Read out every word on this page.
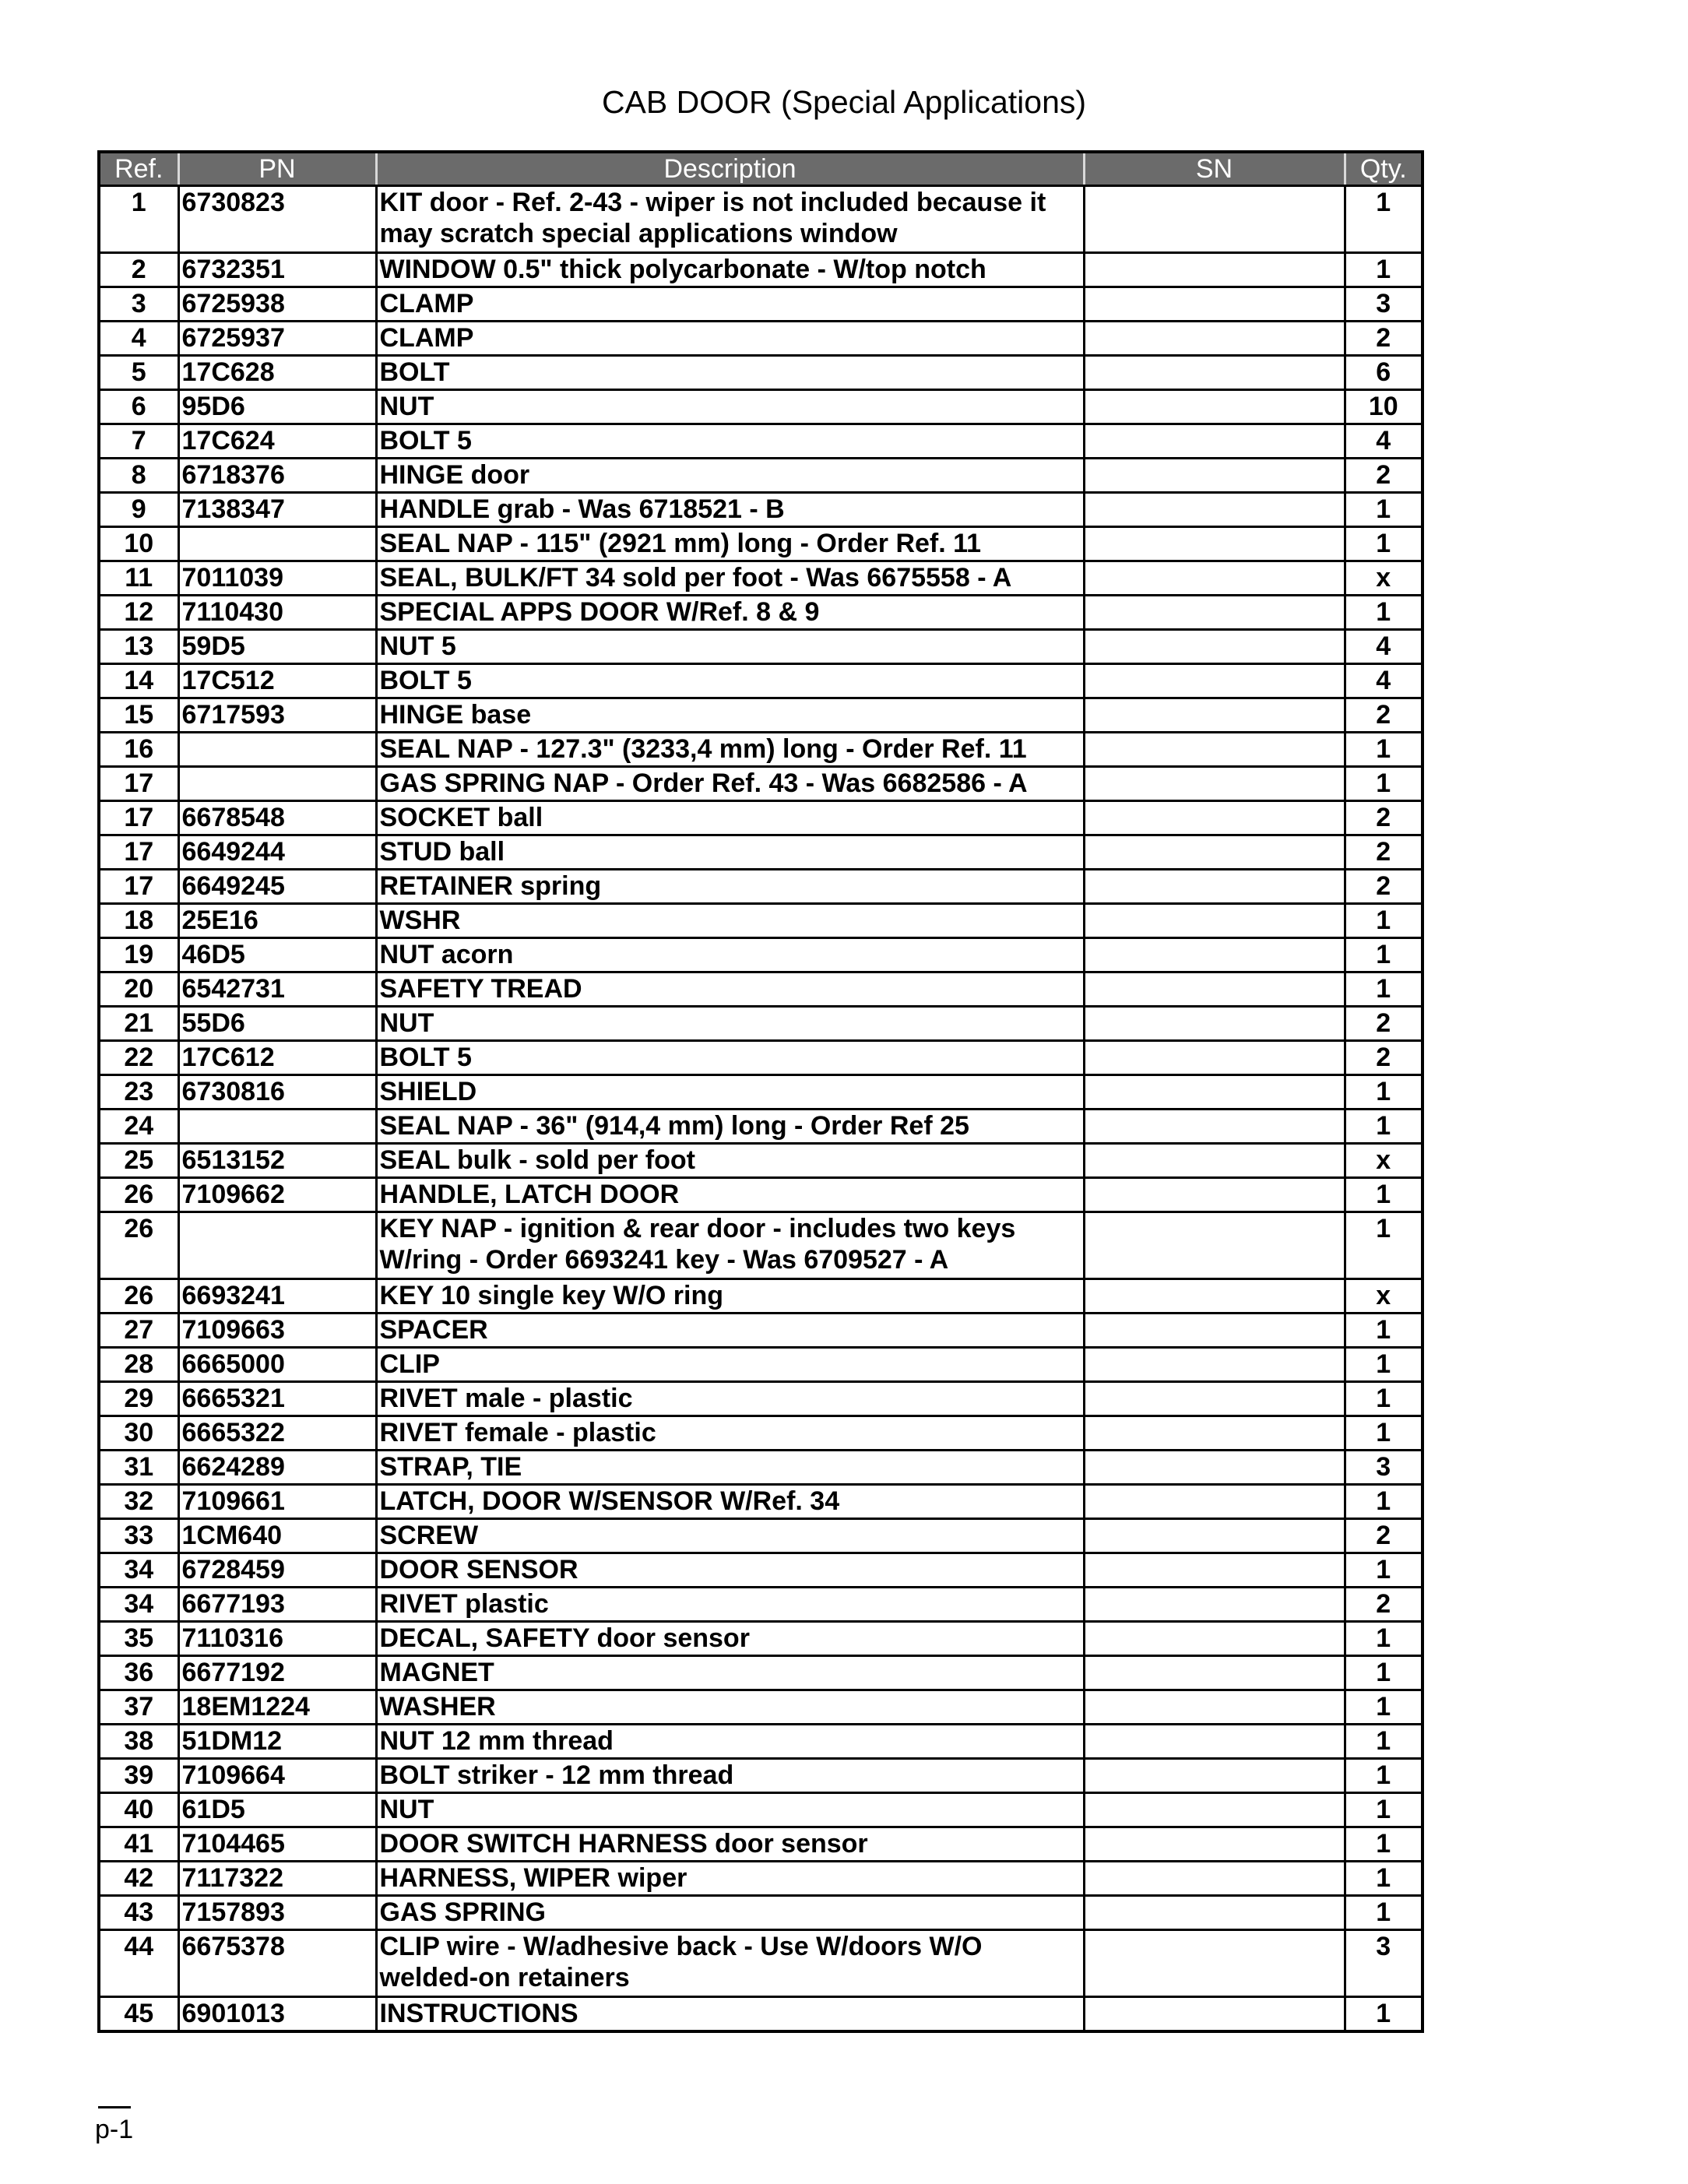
CAB DOOR (Special Applications)
Ref.	PN	Description	SN	Qty.
1	6730823	KIT door - Ref. 2-43 - wiper is not included because it may scratch special applications window		1
2	6732351	WINDOW 0.5" thick polycarbonate - W/top notch		1
3	6725938	CLAMP		3
4	6725937	CLAMP		2
5	17C628	BOLT		6
6	95D6	NUT		10
7	17C624	BOLT 5		4
8	6718376	HINGE door		2
9	7138347	HANDLE grab - Was 6718521 - B		1
10		SEAL NAP - 115" (2921 mm) long - Order Ref. 11		1
11	7011039	SEAL, BULK/FT 34 sold per foot - Was 6675558 - A		x
12	7110430	SPECIAL APPS DOOR W/Ref. 8 & 9		1
13	59D5	NUT 5		4
14	17C512	BOLT 5		4
15	6717593	HINGE base		2
16		SEAL NAP - 127.3" (3233,4 mm) long - Order Ref. 11		1
17		GAS SPRING NAP - Order Ref. 43 - Was 6682586 - A		1
17	6678548	SOCKET ball		2
17	6649244	STUD ball		2
17	6649245	RETAINER spring		2
18	25E16	WSHR		1
19	46D5	NUT acorn		1
20	6542731	SAFETY TREAD		1
21	55D6	NUT		2
22	17C612	BOLT 5		2
23	6730816	SHIELD		1
24		SEAL NAP - 36" (914,4 mm) long - Order Ref 25		1
25	6513152	SEAL bulk - sold per foot		x
26	7109662	HANDLE, LATCH DOOR		1
26		KEY NAP - ignition & rear door - includes two keys W/ring - Order 6693241 key - Was 6709527 - A		1
26	6693241	KEY 10 single key W/O ring		x
27	7109663	SPACER		1
28	6665000	CLIP		1
29	6665321	RIVET male - plastic		1
30	6665322	RIVET female - plastic		1
31	6624289	STRAP, TIE		3
32	7109661	LATCH, DOOR W/SENSOR W/Ref. 34		1
33	1CM640	SCREW		2
34	6728459	DOOR SENSOR		1
34	6677193	RIVET plastic		2
35	7110316	DECAL, SAFETY door sensor		1
36	6677192	MAGNET		1
37	18EM1224	WASHER		1
38	51DM12	NUT 12 mm thread		1
39	7109664	BOLT striker - 12 mm thread		1
40	61D5	NUT		1
41	7104465	DOOR SWITCH HARNESS door sensor		1
42	7117322	HARNESS, WIPER wiper		1
43	7157893	GAS SPRING		1
44	6675378	CLIP wire - W/adhesive back - Use W/doors W/O welded-on retainers		3
45	6901013	INSTRUCTIONS		1
p-1
